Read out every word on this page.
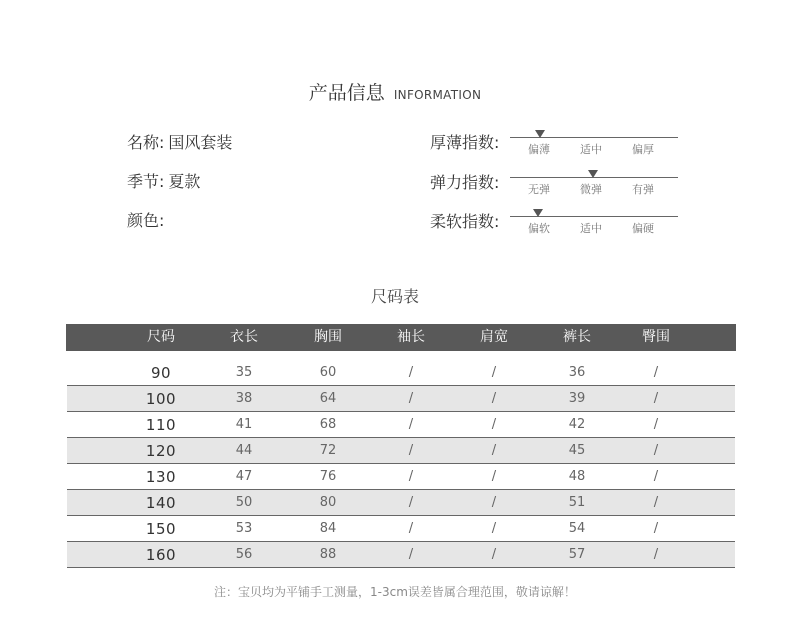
产品信息 INFORMATION
名称: 国风套装
季节: 夏款
颜色:
厚薄指数:	偏薄	适中	偏厚
弹力指数:	无弹	微弹	有弹
柔软指数:	偏软	适中	偏硬
尺码表
尺码	衣长	胸围	袖长	肩宽	裤长	臀围
90	35	60	/	/	36	/
100	38	64	/	/	39	/
110	41	68	/	/	42	/
120	44	72	/	/	45	/
130	47	76	/	/	48	/
140	50	80	/	/	51	/
150	53	84	/	/	54	/
160	56	88	/	/	57	/
注：宝贝均为平铺手工测量，1-3cm误差皆属合理范围，敬请谅解！
